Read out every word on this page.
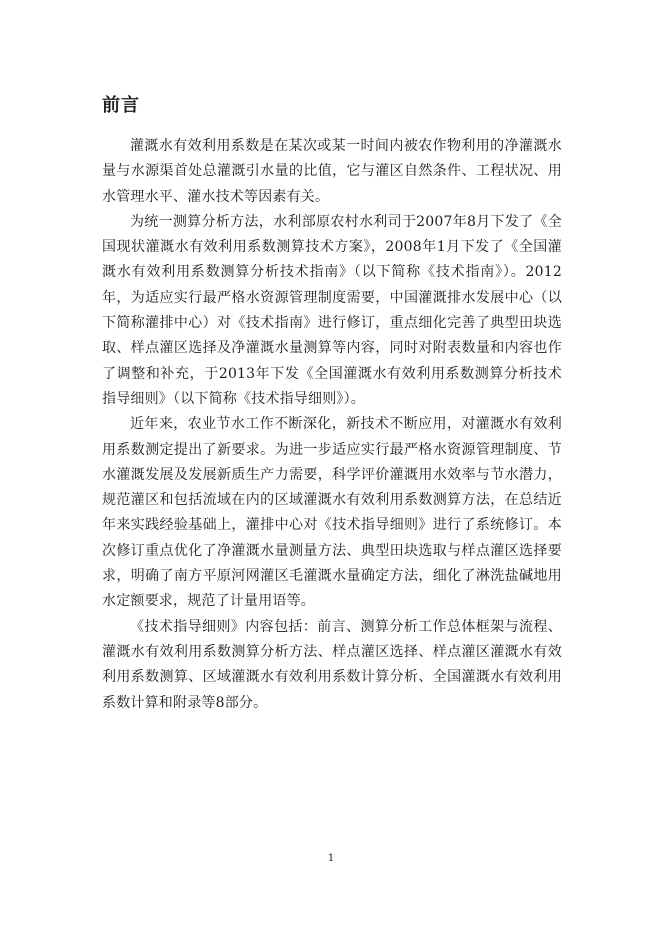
前言

灌溉水有效利用系数是在某次或某一时间内被农作物利用的净灌溉水量与水源渠首处总灌溉引水量的比值，它与灌区自然条件、工程状况、用水管理水平、灌水技术等因素有关。

为统一测算分析方法，水利部原农村水利司于2007年8月下发了《全国现状灌溉水有效利用系数测算技术方案》，2008年1月下发了《全国灌溉水有效利用系数测算分析技术指南》（以下简称《技术指南》）。2012年，为适应实行最严格水资源管理制度需要，中国灌溉排水发展中心（以下简称灌排中心）对《技术指南》进行修订，重点细化完善了典型田块选取、样点灌区选择及净灌溉水量测算等内容，同时对附表数量和内容也作了调整和补充，于2013年下发《全国灌溉水有效利用系数测算分析技术指导细则》（以下简称《技术指导细则》）。

近年来，农业节水工作不断深化，新技术不断应用，对灌溉水有效利用系数测定提出了新要求。为进一步适应实行最严格水资源管理制度、节水灌溉发展及发展新质生产力需要，科学评价灌溉用水效率与节水潜力，规范灌区和包括流域在内的区域灌溉水有效利用系数测算方法，在总结近年来实践经验基础上，灌排中心对《技术指导细则》进行了系统修订。本次修订重点优化了净灌溉水量测量方法、典型田块选取与样点灌区选择要求，明确了南方平原河网灌区毛灌溉水量确定方法，细化了淋洗盐碱地用水定额要求，规范了计量用语等。

《技术指导细则》内容包括：前言、测算分析工作总体框架与流程、灌溉水有效利用系数测算分析方法、样点灌区选择、样点灌区灌溉水有效利用系数测算、区域灌溉水有效利用系数计算分析、全国灌溉水有效利用系数计算和附录等8部分。

1
